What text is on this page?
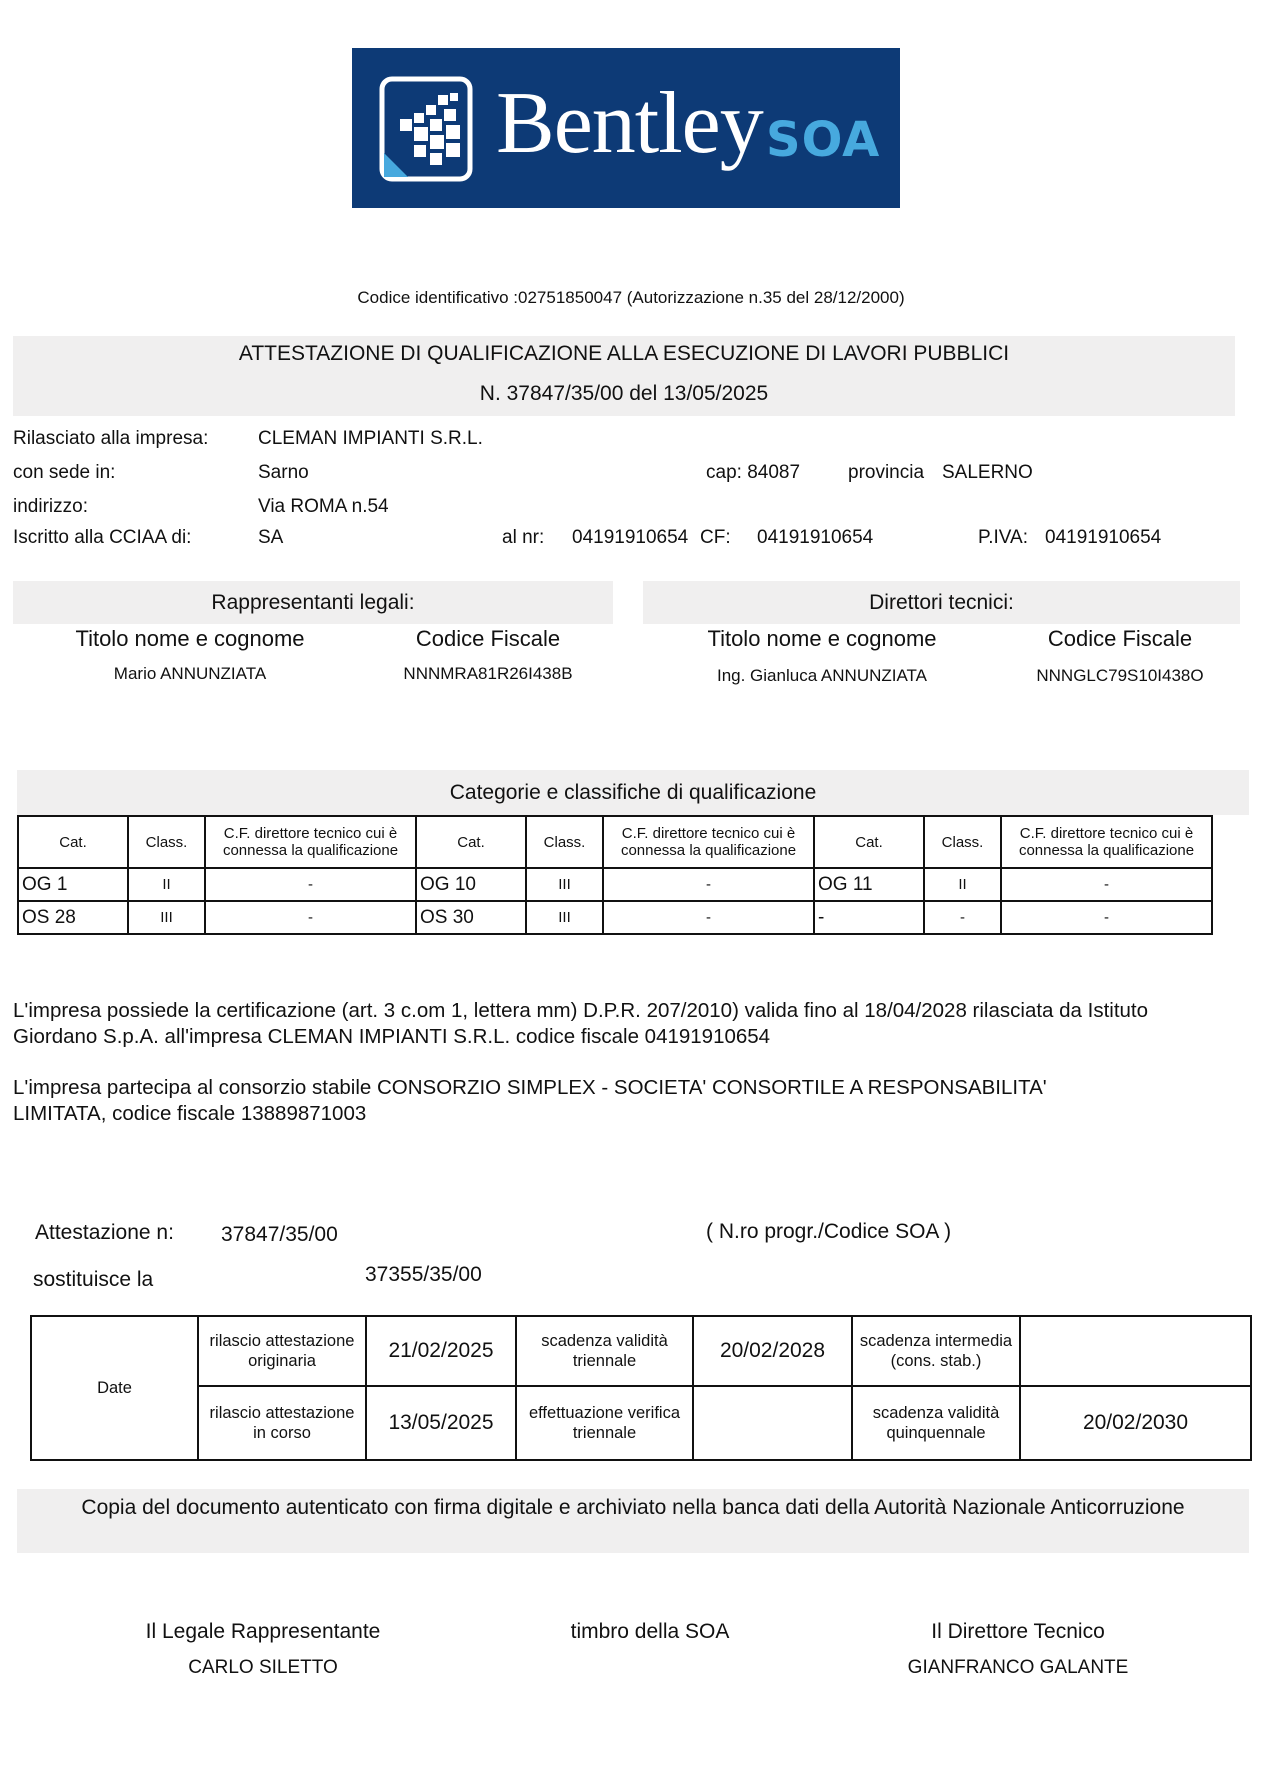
Bentley SOA
Codice identificativo :02751850047 (Autorizzazione n.35 del 28/12/2000)
ATTESTAZIONE DI QUALIFICAZIONE ALLA ESECUZIONE DI LAVORI PUBBLICI
N. 37847/35/00 del 13/05/2025
Rilasciato alla impresa:	CLEMAN IMPIANTI S.R.L.
con sede in:	Sarno	cap: 84087	provincia SALERNO
indirizzo:	Via ROMA n.54
Iscritto alla CCIAA di:	SA	al nr: 04191910654 CF: 04191910654	P.IVA: 04191910654
Rappresentanti legali:	Direttori tecnici:
Titolo nome e cognome	Codice Fiscale
Mario ANNUNZIATA	NNNMRA81R26I438B
Titolo nome e cognome	Codice Fiscale
Ing. Gianluca ANNUNZIATA	NNNGLC79S10I438O
Categorie e classifiche di qualificazione
Cat.	Class.	C.F. direttore tecnico cui è connessa la qualificazione	Cat.	Class.	C.F. direttore tecnico cui è connessa la qualificazione	Cat.	Class.	C.F. direttore tecnico cui è connessa la qualificazione
OG 1	II	-	OG 10	III	-	OG 11	II	-
OS 28	III	-	OS 30	III	-	-	-	-
L'impresa possiede la certificazione (art. 3 c.om 1, lettera mm) D.P.R. 207/2010) valida fino al 18/04/2028 rilasciata da Istituto
Giordano S.p.A. all'impresa CLEMAN IMPIANTI S.R.L. codice fiscale 04191910654
L'impresa partecipa al consorzio stabile CONSORZIO SIMPLEX - SOCIETA' CONSORTILE A RESPONSABILITA'
LIMITATA, codice fiscale 13889871003
Attestazione n: 37847/35/00	( N.ro progr./Codice SOA )
sostituisce la	37355/35/00
Date	rilascio attestazione originaria	21/02/2025	scadenza validità triennale	20/02/2028	scadenza intermedia (cons. stab.)	
	rilascio attestazione in corso	13/05/2025	effettuazione verifica triennale		scadenza validità quinquennale	20/02/2030
Copia del documento autenticato con firma digitale e archiviato nella banca dati della Autorità Nazionale Anticorruzione
Il Legale Rappresentante
CARLO SILETTO
timbro della SOA	Il Direttore Tecnico
GIANFRANCO GALANTE
